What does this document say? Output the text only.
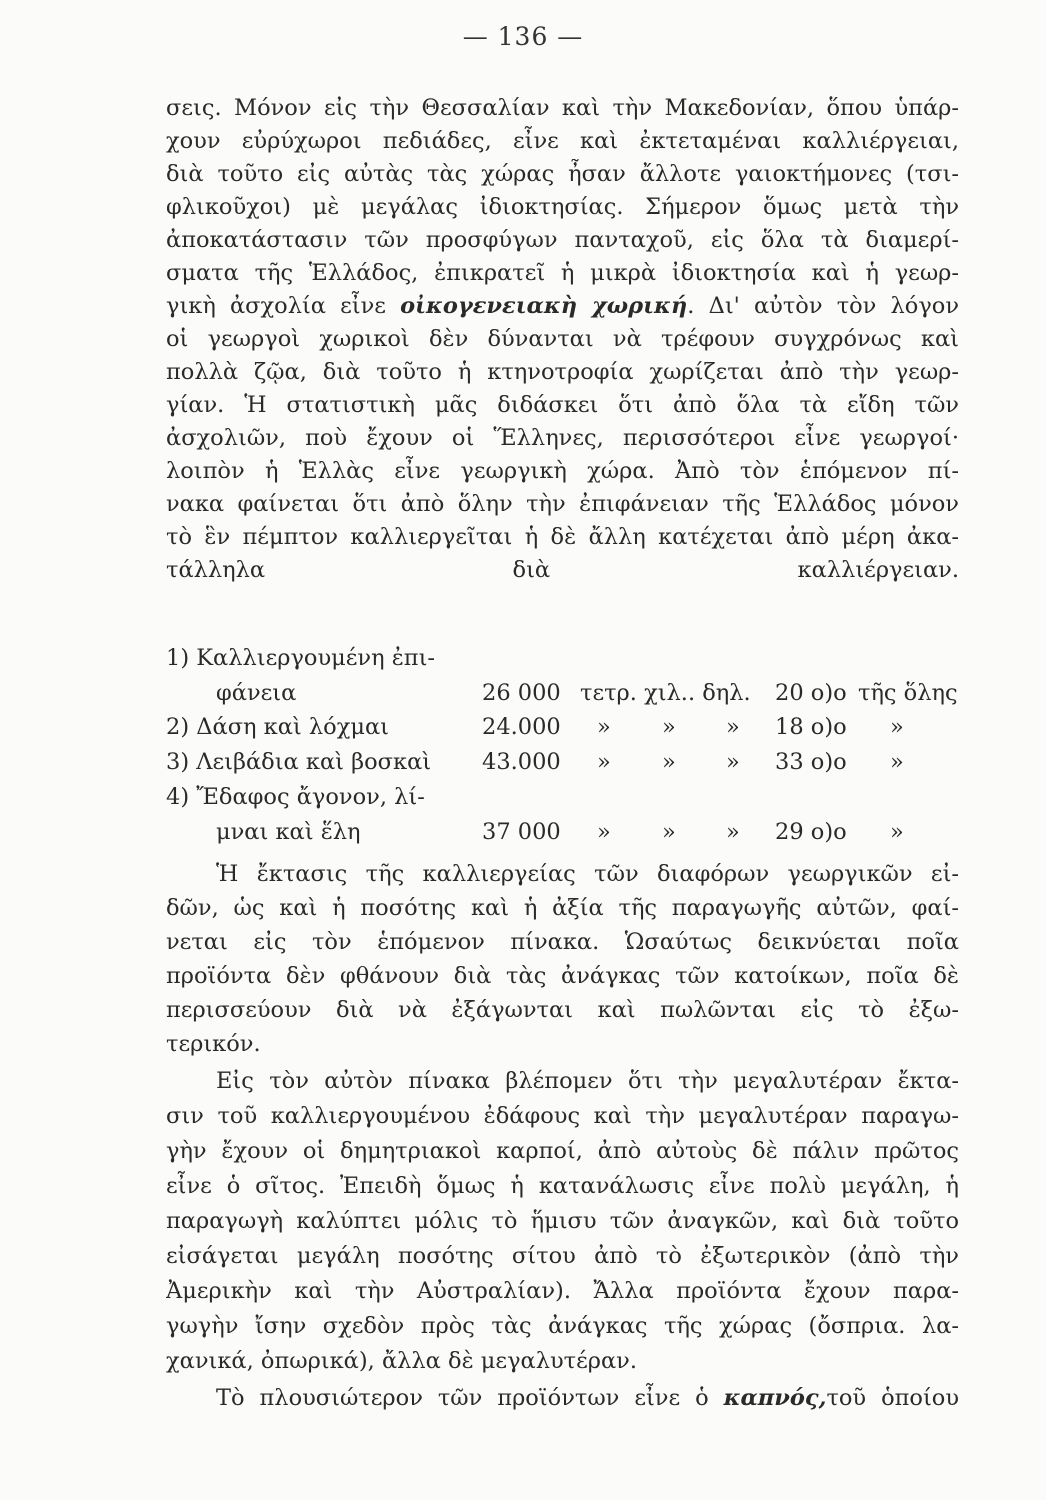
— 136 —
σεις. Μόνον εἰς τὴν Θεσσαλίαν καὶ τὴν Μακεδονίαν, ὅπου ὑπάρ-
χουν εὐρύχωροι πεδιάδες, εἶνε καὶ ἐκτεταμέναι καλλιέργειαι,
διὰ τοῦτο εἰς αὐτὰς τὰς χώρας ἦσαν ἄλλοτε γαιοκτήμονες (τσι-
φλικοῦχοι) μὲ μεγάλας ἰδιοκτησίας. Σήμερον ὅμως μετὰ τὴν
ἀποκατάστασιν τῶν προσφύγων πανταχοῦ, εἰς ὅλα τὰ διαμερί-
σματα τῆς Ἑλλάδος, ἐπικρατεῖ ἡ μικρὰ ἰδιοκτησία καὶ ἡ γεωρ-
γικὴ ἀσχολία εἶνε οἰκογενειακὴ χωρική. Δι' αὐτὸν τὸν λόγον
οἱ γεωργοὶ χωρικοὶ δὲν δύνανται νὰ τρέφουν συγχρόνως καὶ
πολλὰ ζῷα, διὰ τοῦτο ἡ κτηνοτροφία χωρίζεται ἀπὸ τὴν γεωρ-
γίαν. Ἡ στατιστικὴ μᾶς διδάσκει ὅτι ἀπὸ ὅλα τὰ εἴδη τῶν
ἀσχολιῶν, ποὺ ἔχουν οἱ Ἕλληνες, περισσότεροι εἶνε γεωργοί·
λοιπὸν ἡ Ἑλλὰς εἶνε γεωργικὴ χώρα. Ἀπὸ τὸν ἑπόμενον πί-
νακα φαίνεται ὅτι ἀπὸ ὅλην τὴν ἐπιφάνειαν τῆς Ἑλλάδος μόνον
τὸ ἓν πέμπτον καλλιεργεῖται ἡ δὲ ἄλλη κατέχεται ἀπὸ μέρη ἀκα-
τάλληλα διὰ καλλιέργειαν.
1) Καλλιεργουμένη ἐπι-
φάνεια	26 000 τετρ. χιλ.. δηλ. 20 ο)ο τῆς ὅλης
2) Δάση καὶ λόχμαι	24.000 » » » 18 ο)ο »
3) Λειβάδια καὶ βοσκαὶ 43.000 » » » 33 ο)ο »
4) Ἔδαφος ἄγονον, λί-
μναι καὶ ἕλη	37 000 » » » 29 ο)ο »
Ἡ ἔκτασις τῆς καλλιεργείας τῶν διαφόρων γεωργικῶν εἰ-
δῶν, ὡς καὶ ἡ ποσότης καὶ ἡ ἀξία τῆς παραγωγῆς αὐτῶν, φαί-
νεται εἰς τὸν ἑπόμενον πίνακα. Ὡσαύτως δεικνύεται ποῖα
προϊόντα δὲν φθάνουν διὰ τὰς ἀνάγκας τῶν κατοίκων, ποῖα δὲ
περισσεύουν διὰ νὰ ἐξάγωνται καὶ πωλῶνται εἰς τὸ ἐξω-
τερικόν.
Εἰς τὸν αὐτὸν πίνακα βλέπομεν ὅτι τὴν μεγαλυτέραν ἔκτα-
σιν τοῦ καλλιεργουμένου ἐδάφους καὶ τὴν μεγαλυτέραν παραγω-
γὴν ἔχουν οἱ δημητριακοὶ καρποί, ἀπὸ αὐτοὺς δὲ πάλιν πρῶτος
εἶνε ὁ σῖτος. Ἐπειδὴ ὅμως ἡ κατανάλωσις εἶνε πολὺ μεγάλη, ἡ
παραγωγὴ καλύπτει μόλις τὸ ἥμισυ τῶν ἀναγκῶν, καὶ διὰ τοῦτο
εἰσάγεται μεγάλη ποσότης σίτου ἀπὸ τὸ ἐξωτερικὸν (ἀπὸ τὴν
Ἀμερικὴν καὶ τὴν Αὐστραλίαν). Ἄλλα προϊόντα ἔχουν παρα-
γωγὴν ἴσην σχεδὸν πρὸς τὰς ἀνάγκας τῆς χώρας (ὄσπρια. λα-
χανικά, ὀπωρικά), ἄλλα δὲ μεγαλυτέραν.
Τὸ πλουσιώτερον τῶν προϊόντων εἶνε ὁ καπνός,τοῦ ὁποίου
